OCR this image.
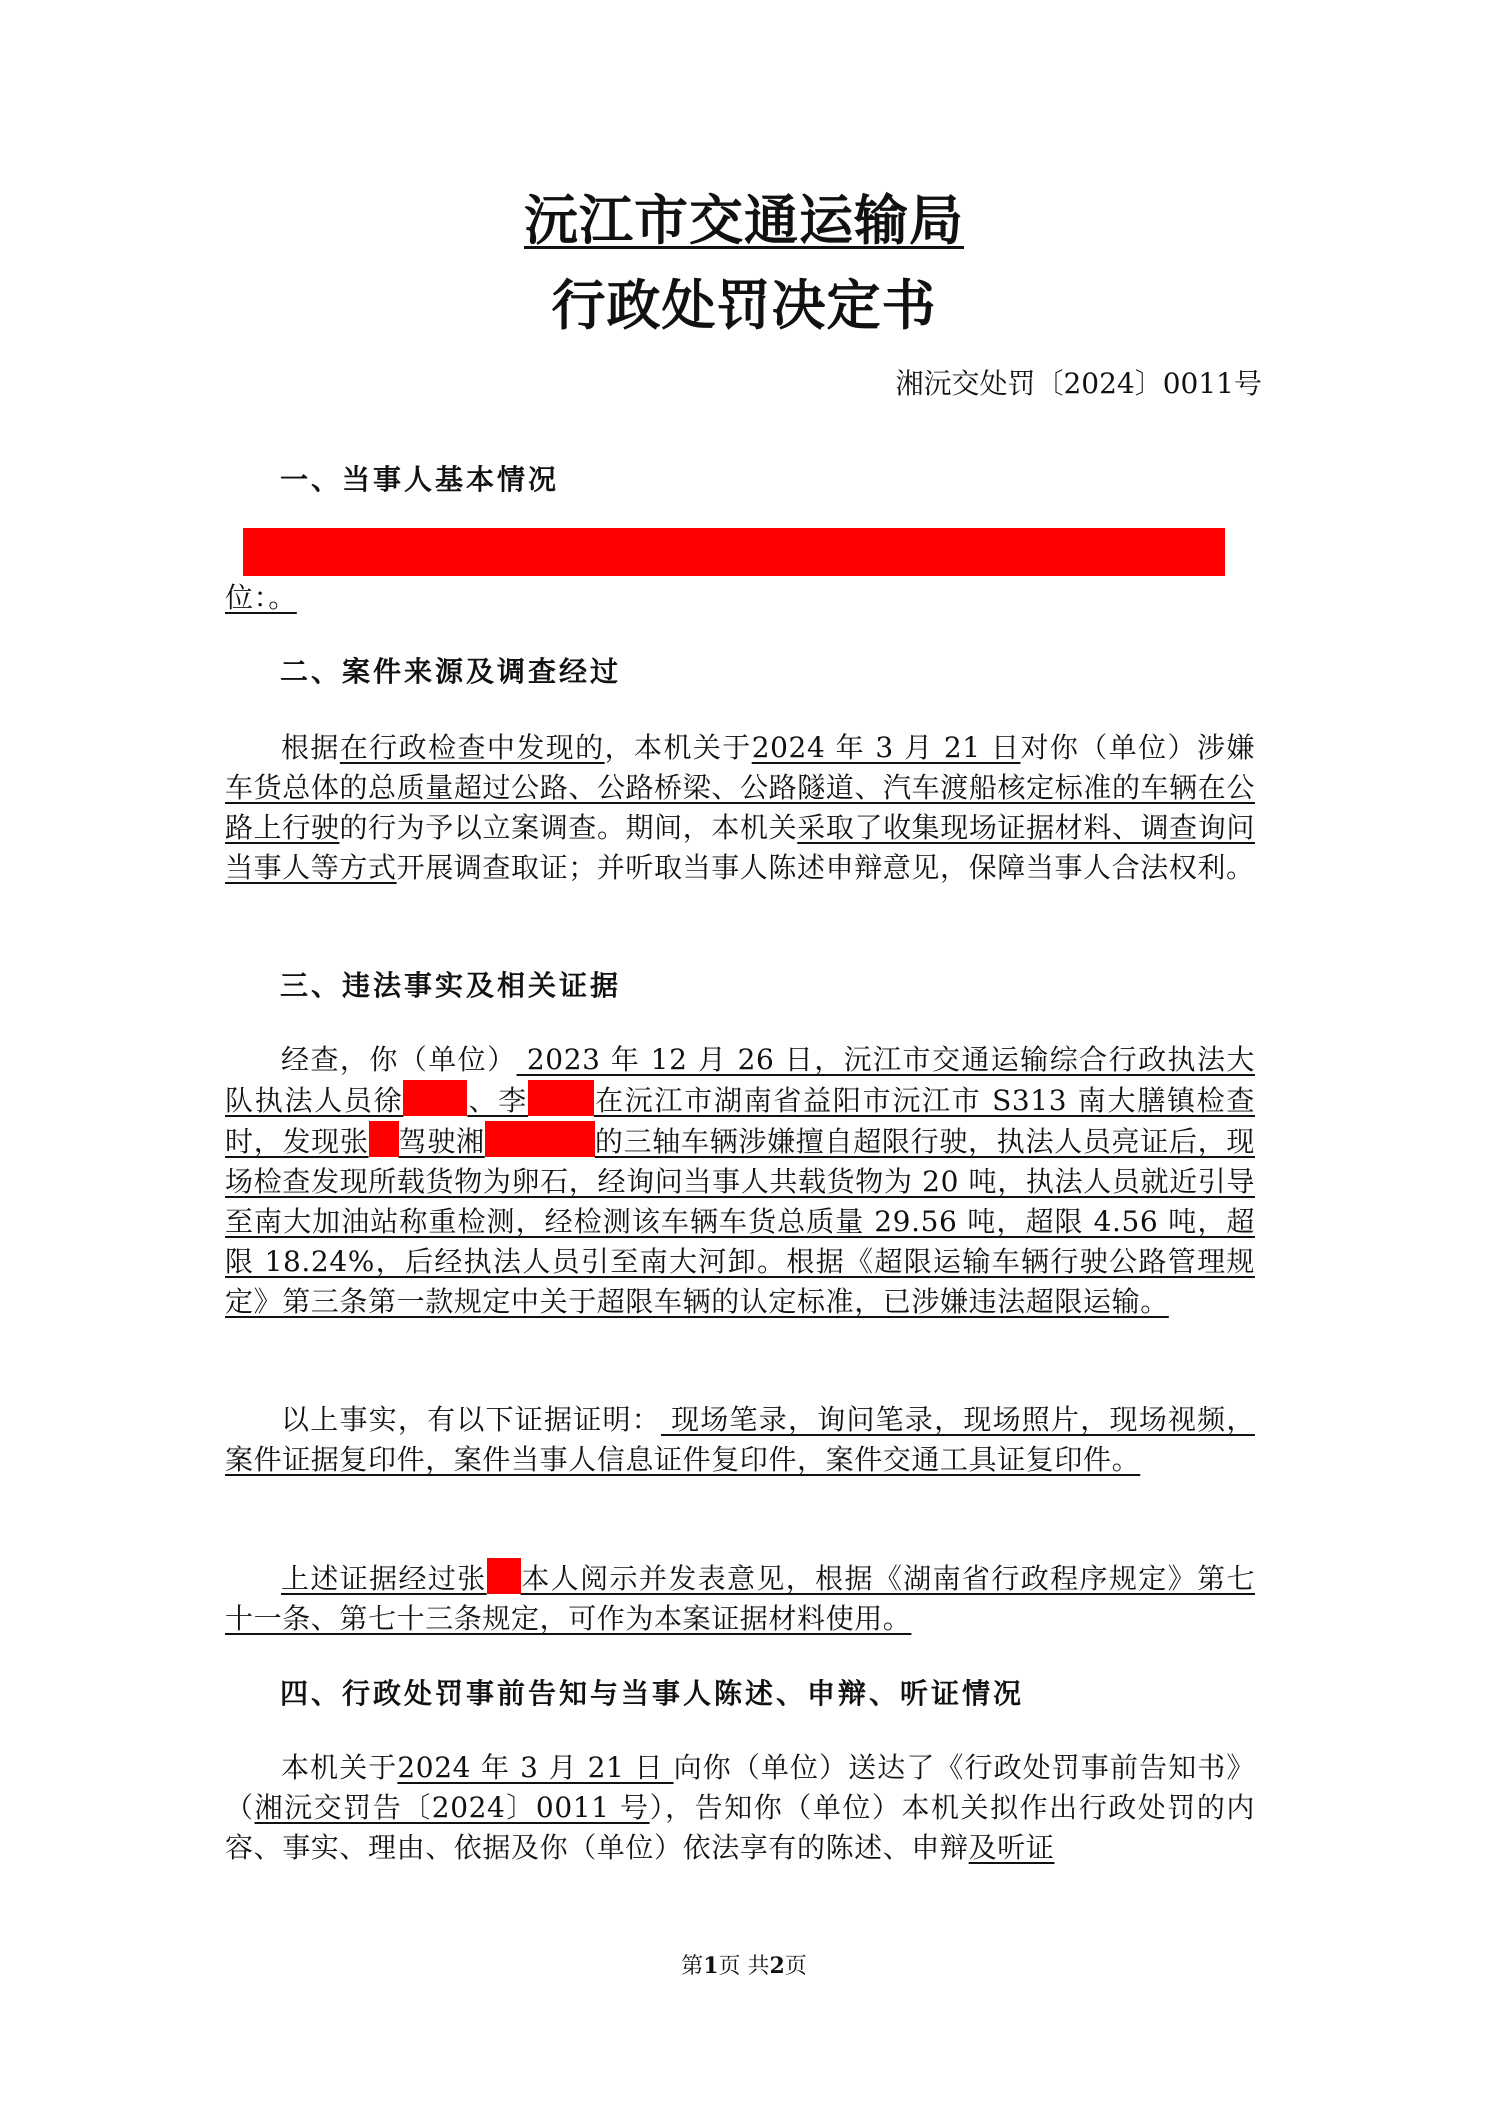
沅江市交通运输局
行政处罚决定书
湘沅交处罚〔2024〕0011号
一、当事人基本情况
位：。
二、案件来源及调查经过
根据在行政检查中发现的，本机关于2024 年 3 月 21 日对你（单位）涉嫌车货总体的总质量超过公路、公路桥梁、公路隧道、汽车渡船核定标准的车辆在公路上行驶的行为予以立案调查。期间，本机关采取了收集现场证据材料、调查询问当事人等方式开展调查取证；并听取当事人陈述申辩意见，保障当事人合法权利。
三、违法事实及相关证据
经查，你（单位） 2023 年 12 月 26 日，沅江市交通运输综合行政执法大队执法人员徐 、李 在沅江市湖南省益阳市沅江市 S313 南大膳镇检查时，发现张 驾驶湘	的三轴车辆涉嫌擅自超限行驶，执法人员亮证后，现场检查发现所载货物为卵石，经询问当事人共载货物为 20 吨，执法人员就近引导至南大加油站称重检测，经检测该车辆车货总质量 29.56 吨，超限 4.56 吨，超限 18.24%，后经执法人员引至南大河卸。根据《超限运输车辆行驶公路管理规定》第三条第一款规定中关于超限车辆的认定标准，已涉嫌违法超限运输。
以上事实，有以下证据证明： 现场笔录，询问笔录，现场照片，现场视频，案件证据复印件，案件当事人信息证件复印件，案件交通工具证复印件。
上述证据经过张 本人阅示并发表意见，根据《湖南省行政程序规定》第七十一条、第七十三条规定，可作为本案证据材料使用。
四、行政处罚事前告知与当事人陈述、申辩、听证情况
本机关于2024 年 3 月 21 日 向你（单位）送达了《行政处罚事前告知书》（湘沅交罚告〔2024〕0011 号），告知你（单位）本机关拟作出行政处罚的内容、事实、理由、依据及你（单位）依法享有的陈述、申辩及听证
第1页 共2页
